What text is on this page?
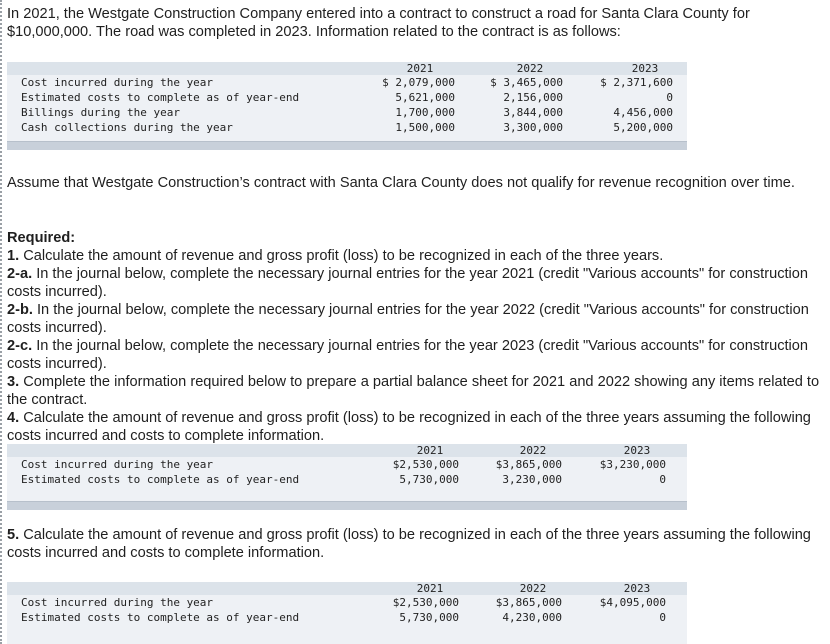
In 2021, the Westgate Construction Company entered into a contract to construct a road for Santa Clara County for $10,000,000. The road was completed in 2023. Information related to the contract is as follows:

2021	2022	2023
Cost incurred during the year	$ 2,079,000	$ 3,465,000	$ 2,371,600
Estimated costs to complete as of year-end	5,621,000	2,156,000	0
Billings during the year	1,700,000	3,844,000	4,456,000
Cash collections during the year	1,500,000	3,300,000	5,200,000

Assume that Westgate Construction’s contract with Santa Clara County does not qualify for revenue recognition over time.

Required:
1. Calculate the amount of revenue and gross profit (loss) to be recognized in each of the three years.
2-a. In the journal below, complete the necessary journal entries for the year 2021 (credit "Various accounts" for construction costs incurred).
2-b. In the journal below, complete the necessary journal entries for the year 2022 (credit "Various accounts" for construction costs incurred).
2-c. In the journal below, complete the necessary journal entries for the year 2023 (credit "Various accounts" for construction costs incurred).
3. Complete the information required below to prepare a partial balance sheet for 2021 and 2022 showing any items related to the contract.
4. Calculate the amount of revenue and gross profit (loss) to be recognized in each of the three years assuming the following costs incurred and costs to complete information.

2021	2022	2023
Cost incurred during the year	$2,530,000	$3,865,000	$3,230,000
Estimated costs to complete as of year-end	5,730,000	3,230,000	0

5. Calculate the amount of revenue and gross profit (loss) to be recognized in each of the three years assuming the following costs incurred and costs to complete information.

2021	2022	2023
Cost incurred during the year	$2,530,000	$3,865,000	$4,095,000
Estimated costs to complete as of year-end	5,730,000	4,230,000	0
